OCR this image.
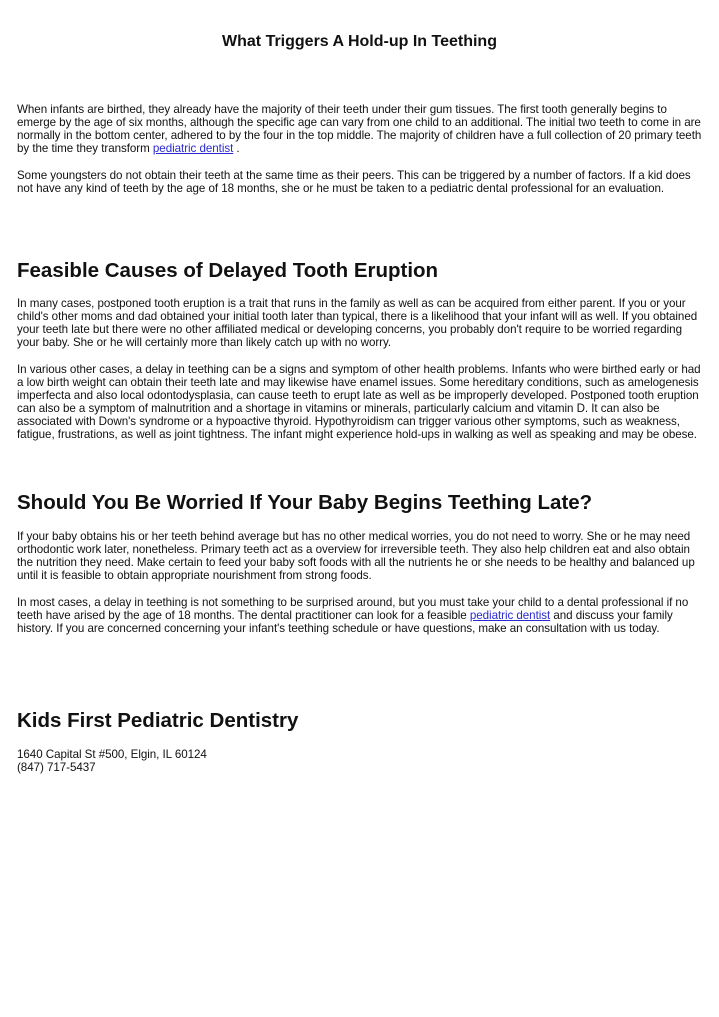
What Triggers A Hold-up In Teething

When infants are birthed, they already have the majority of their teeth under their gum tissues. The first tooth generally begins to emerge by the age of six months, although the specific age can vary from one child to an additional. The initial two teeth to come in are normally in the bottom center, adhered to by the four in the top middle. The majority of children have a full collection of 20 primary teeth by the time they transform pediatric dentist .

Some youngsters do not obtain their teeth at the same time as their peers. This can be triggered by a number of factors. If a kid does not have any kind of teeth by the age of 18 months, she or he must be taken to a pediatric dental professional for an evaluation.

Feasible Causes of Delayed Tooth Eruption

In many cases, postponed tooth eruption is a trait that runs in the family as well as can be acquired from either parent. If you or your child's other moms and dad obtained your initial tooth later than typical, there is a likelihood that your infant will as well. If you obtained your teeth late but there were no other affiliated medical or developing concerns, you probably don't require to be worried regarding your baby. She or he will certainly more than likely catch up with no worry.

In various other cases, a delay in teething can be a signs and symptom of other health problems. Infants who were birthed early or had a low birth weight can obtain their teeth late and may likewise have enamel issues. Some hereditary conditions, such as amelogenesis imperfecta and also local odontodysplasia, can cause teeth to erupt late as well as be improperly developed. Postponed tooth eruption can also be a symptom of malnutrition and a shortage in vitamins or minerals, particularly calcium and vitamin D. It can also be associated with Down's syndrome or a hypoactive thyroid. Hypothyroidism can trigger various other symptoms, such as weakness, fatigue, frustrations, as well as joint tightness. The infant might experience hold-ups in walking as well as speaking and may be obese.

Should You Be Worried If Your Baby Begins Teething Late?

If your baby obtains his or her teeth behind average but has no other medical worries, you do not need to worry. She or he may need orthodontic work later, nonetheless. Primary teeth act as a overview for irreversible teeth. They also help children eat and also obtain the nutrition they need. Make certain to feed your baby soft foods with all the nutrients he or she needs to be healthy and balanced up until it is feasible to obtain appropriate nourishment from strong foods.

In most cases, a delay in teething is not something to be surprised around, but you must take your child to a dental professional if no teeth have arised by the age of 18 months. The dental practitioner can look for a feasible pediatric dentist and discuss your family history. If you are concerned concerning your infant's teething schedule or have questions, make an consultation with us today.

Kids First Pediatric Dentistry

1640 Capital St #500, Elgin, IL 60124
(847) 717-5437
